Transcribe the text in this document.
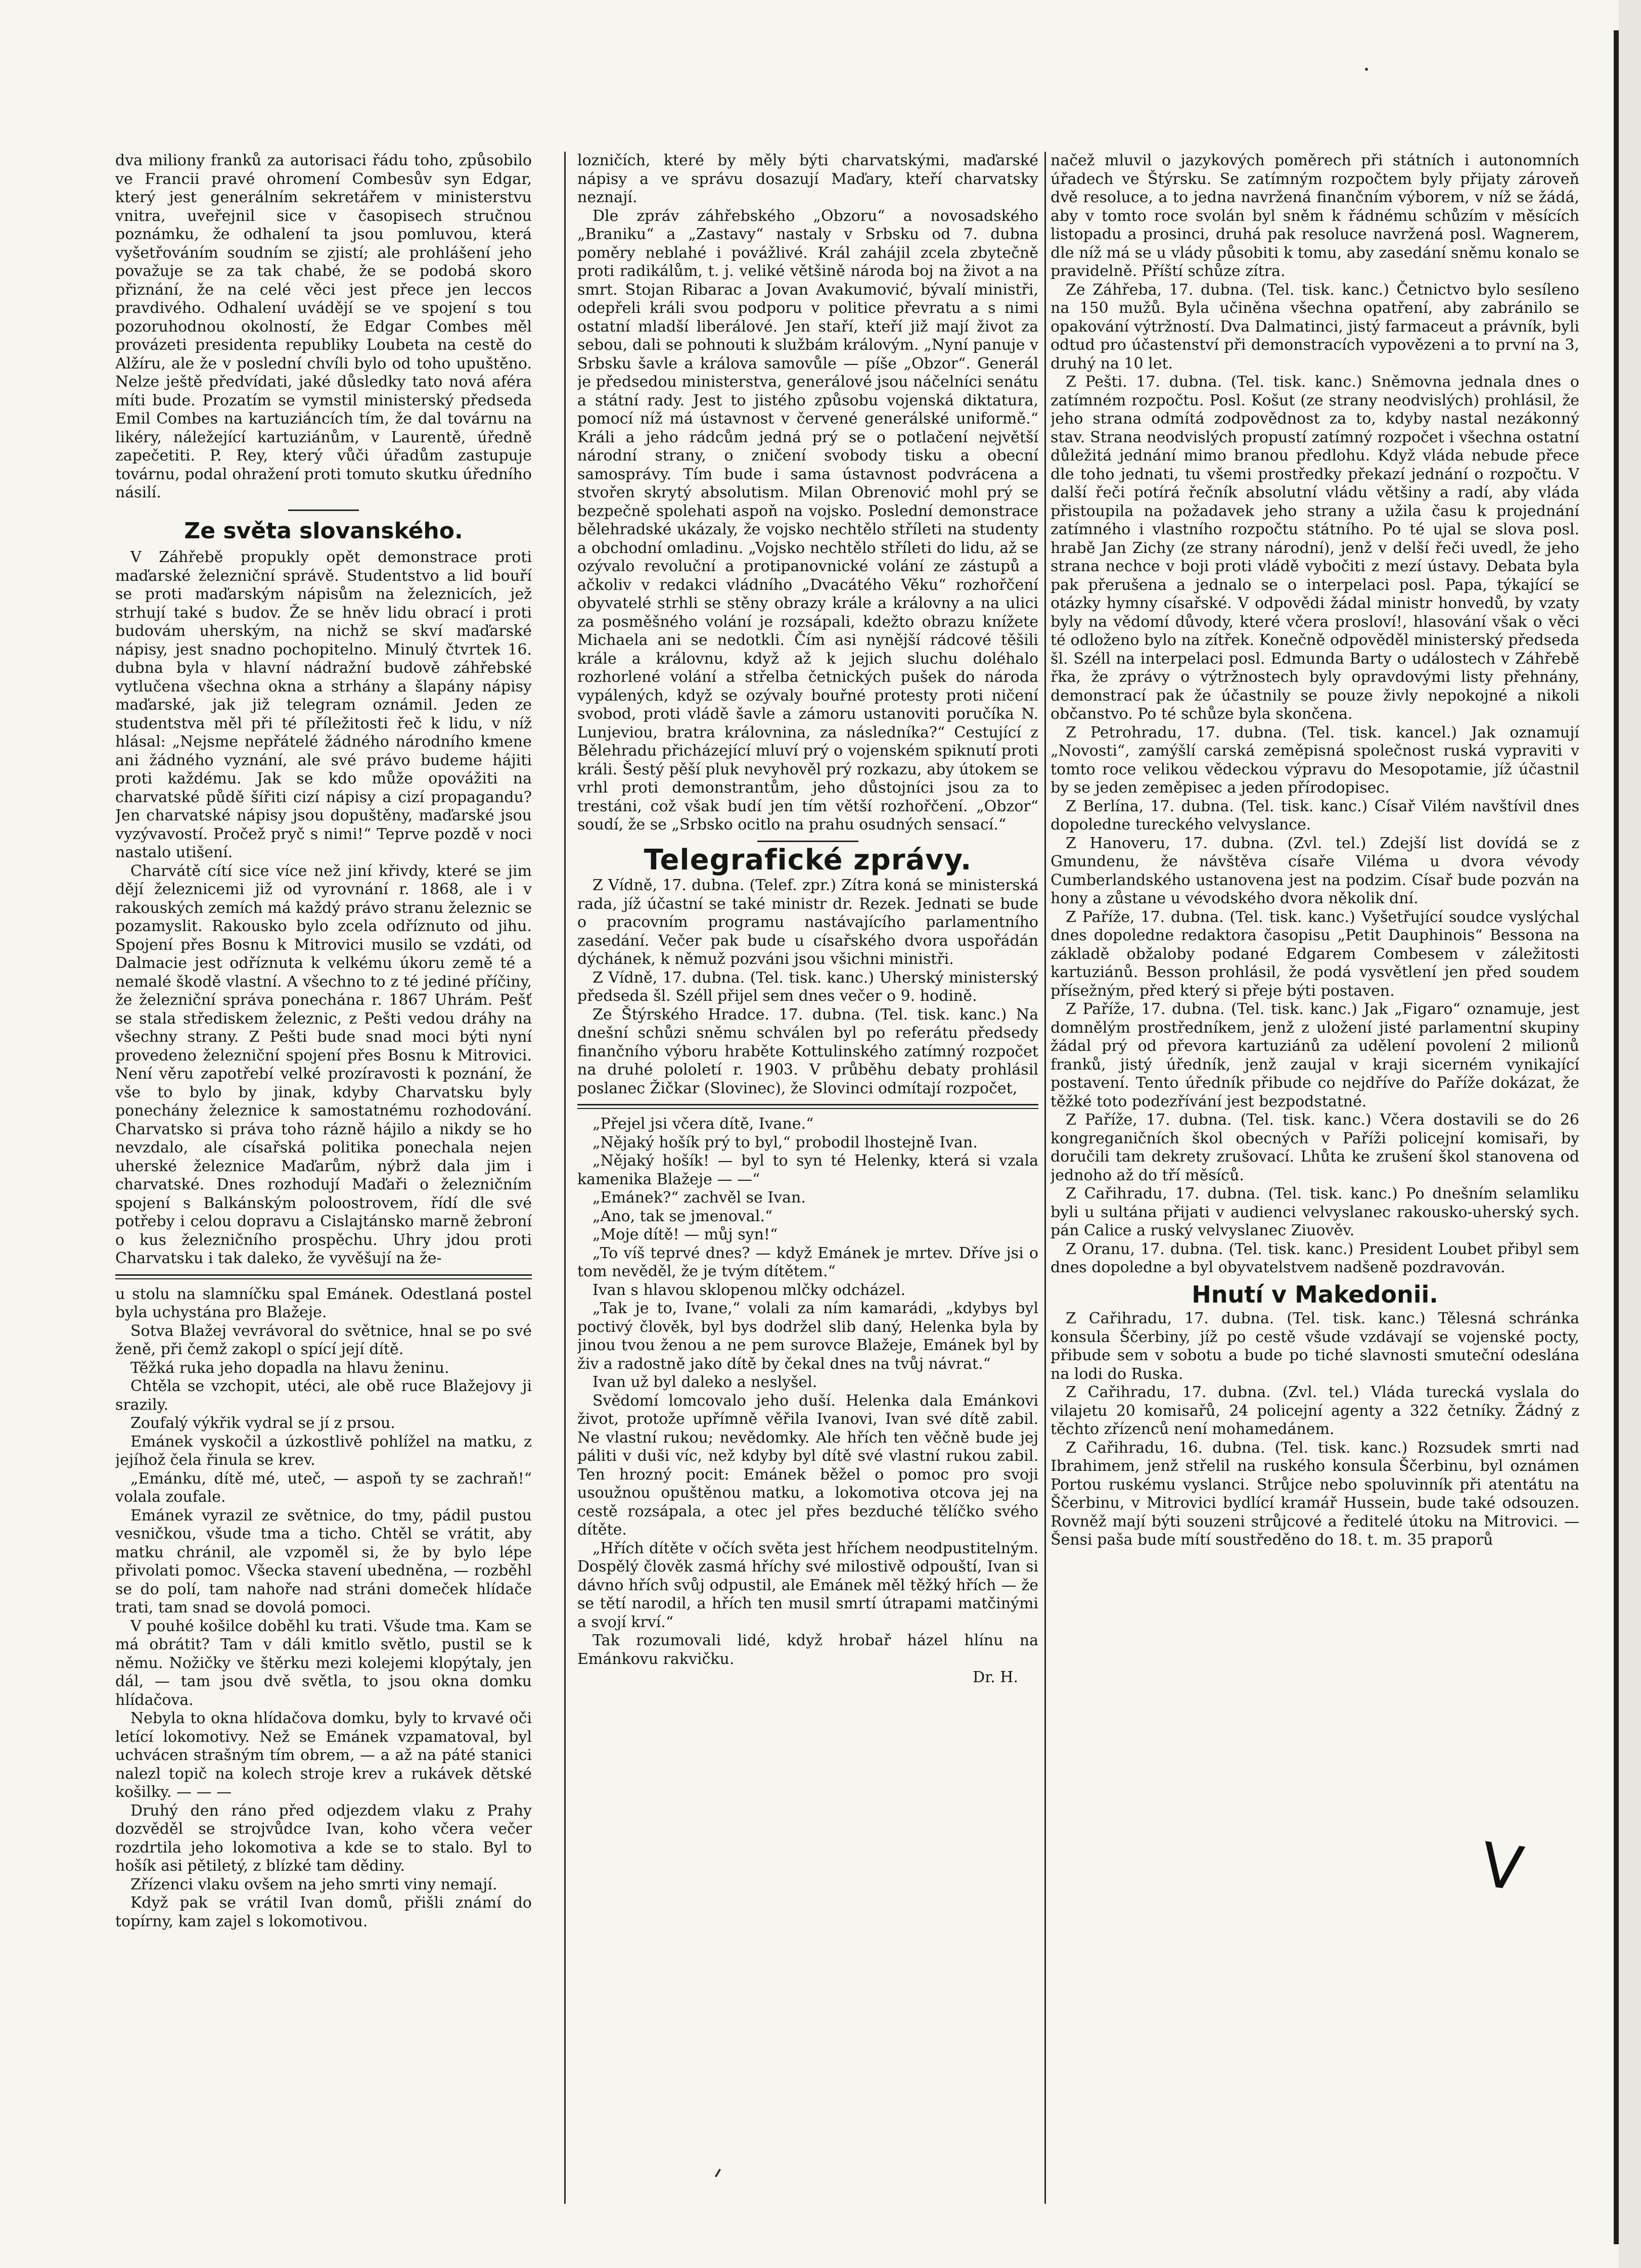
dva miliony franků za autorisaci řádu toho, způsobilo ve Francii pravé ohromení Combesův syn Edgar, který jest generálním sekretářem v ministerstvu vnitra, uveřejnil sice v časopisech stručnou poznámku, že odhalení ta jsou pomluvou, která vyšetřováním soudním se zjistí; ale prohlášení jeho považuje se za tak chabé, že se podobá skoro přiznání, že na celé věci jest přece jen leccos pravdivého. Odhalení uvádějí se ve spojení s tou pozoruhodnou okolností, že Edgar Combes měl provázeti presidenta republiky Loubeta na cestě do Alžíru, ale že v poslední chvíli bylo od toho upuštěno. Nelze ještě předvídati, jaké důsledky tato nová aféra míti bude. Prozatím se vymstil ministerský předseda Emil Combes na kartuziáncích tím, že dal továrnu na likéry, náležející kartuziánům, v Laurentě, úředně zapečetiti. P. Rey, který vůči úřadům zastupuje továrnu, podal ohražení proti tomuto skutku úředního násilí.

Ze světa slovanského.

V Záhřebě propukly opět demonstrace proti maďarské železniční správě. Studentstvo a lid bouří se proti maďarským nápisům na železnicích, jež strhují také s budov. Že se hněv lidu obrací i proti budovám uherským, na nichž se skví maďarské nápisy, jest snadno pochopitelno. Minulý čtvrtek 16. dubna byla v hlavní nádražní budově záhřebské vytlučena všechna okna a strhány a šlapány nápisy maďarské, jak již telegram oznámil. Jeden ze studentstva měl při té příležitosti řeč k lidu, v níž hlásal: „Nejsme nepřátelé žádného národního kmene ani žádného vyznání, ale své právo budeme hájiti proti každému. Jak se kdo může opovážiti na charvatské půdě šířiti cizí nápisy a cizí propagandu? Jen charvatské nápisy jsou dopuštěny, maďarské jsou vyzývavostí. Pročež pryč s nimi!“ Teprve pozdě v noci nastalo utišení.

Charvátě cítí sice více než jiní křivdy, které se jim dějí železnicemi již od vyrovnání r. 1868, ale i v rakouských zemích má každý právo stranu železnic se pozamyslit. Rakousko bylo zcela odříznuto od jihu. Spojení přes Bosnu k Mitrovici musilo se vzdáti, od Dalmacie jest odříznuta k velkému úkoru země té a nemalé škodě vlastní. A všechno to z té jediné příčiny, že železniční správa ponechána r. 1867 Uhrám. Pešť se stala střediskem železnic, z Pešti vedou dráhy na všechny strany. Z Pešti bude snad moci býti nyní provedeno železniční spojení přes Bosnu k Mitrovici. Není věru zapotřebí velké prozíravosti k poznání, že vše to bylo by jinak, kdyby Charvatsku byly ponechány železnice k samostatnému rozhodování. Charvatsko si práva toho rázně hájilo a nikdy se ho nevzdalo, ale císařská politika ponechala nejen uherské železnice Maďarům, nýbrž dala jim i charvatské. Dnes rozhodují Maďaři o železničním spojení s Balkánským poloostrovem, řídí dle své potřeby i celou dopravu a Cislajtánsko marně žebroní o kus železničního prospěchu. Uhry jdou proti Charvatsku i tak daleko, že vyvěšují na že-

u stolu na slamníčku spal Emánek. Odestlaná postel byla uchystána pro Blažeje.

Sotva Blažej vevrávoral do světnice, hnal se po své ženě, při čemž zakopl o spící její dítě.

Těžká ruka jeho dopadla na hlavu ženinu.

Chtěla se vzchopit, utéci, ale obě ruce Blažejovy ji srazily.

Zoufalý výkřik vydral se jí z prsou.

Emánek vyskočil a úzkostlivě pohlížel na matku, z jejíhož čela řinula se krev.

„Emánku, dítě mé, uteč, — aspoň ty se zachraň!“ volala zoufale.

Emánek vyrazil ze světnice, do tmy, pádil pustou vesničkou, všude tma a ticho. Chtěl se vrátit, aby matku chránil, ale vzpoměl si, že by bylo lépe přivolati pomoc. Všecka stavení ubedněna, — rozběhl se do polí, tam nahoře nad stráni domeček hlídače trati, tam snad se dovolá pomoci.

V pouhé košilce doběhl ku trati. Všude tma. Kam se má obrátit? Tam v dáli kmitlo světlo, pustil se k němu. Nožičky ve štěrku mezi kolejemi klopýtaly, jen dál, — tam jsou dvě světla, to jsou okna domku hlídačova.

Nebyla to okna hlídačova domku, byly to krvavé oči letící lokomotivy. Než se Emánek vzpamatoval, byl uchvácen strašným tím obrem, — a až na páté stanici nalezl topič na kolech stroje krev a rukávek dětské košilky. — — —

Druhý den ráno před odjezdem vlaku z Prahy dozvěděl se strojvůdce Ivan, koho včera večer rozdrtila jeho lokomotiva a kde se to stalo. Byl to hošík asi pětiletý, z blízké tam dědiny.

Zřízenci vlaku ovšem na jeho smrti viny nemají.

Když pak se vrátil Ivan domů, přišli známí do topírny, kam zajel s lokomotivou.

lozničích, které by měly býti charvatskými, maďarské nápisy a ve správu dosazují Maďary, kteří charvatsky neznají.

Dle zpráv záhřebského „Obzoru“ a novosadského „Braniku“ a „Zastavy“ nastaly v Srbsku od 7. dubna poměry neblahé i povážlivé. Král zahájil zcela zbytečně proti radikálům, t. j. veliké většině národa boj na život a na smrt. Stojan Ribarac a Jovan Avakumović, bývalí ministři, odepřeli králi svou podporu v politice převratu a s nimi ostatní mladší liberálové. Jen staří, kteří již mají život za sebou, dali se pohnouti k službám královým. „Nyní panuje v Srbsku šavle a králova samovůle — píše „Obzor“. Generál je předsedou ministerstva, generálové jsou náčelníci senátu a státní rady. Jest to jistého způsobu vojenská diktatura, pomocí níž má ústavnost v červené generálské uniformě.“ Králi a jeho rádcům jedná prý se o potlačení největší národní strany, o zničení svobody tisku a obecní samosprávy. Tím bude i sama ústavnost podvrácena a stvořen skrytý absolutism. Milan Obrenović mohl prý se bezpečně spolehati aspoň na vojsko. Poslední demonstrace bělehradské ukázaly, že vojsko nechtělo stříleti na studenty a obchodní omladinu. „Vojsko nechtělo stříleti do lidu, až se ozývalo revoluční a protipanovnické volání ze zástupů a ačkoliv v redakci vládního „Dvacátého Věku“ rozhořčení obyvatelé strhli se stěny obrazy krále a královny a na ulici za posměšného volání je rozsápali, kdežto obrazu knížete Michaela ani se nedotkli. Čím asi nynější rádcové těšili krále a královnu, když až k jejich sluchu doléhalo rozhorlené volání a střelba četnických pušek do národa vypálených, když se ozývaly bouřné protesty proti ničení svobod, proti vládě šavle a zámoru ustanoviti poručíka N. Lunjeviou, bratra královnina, za následníka?“ Cestující z Bělehradu přicházející mluví prý o vojenském spiknutí proti králi. Šestý pěší pluk nevyhověl prý rozkazu, aby útokem se vrhl proti demonstrantům, jeho důstojníci jsou za to trestáni, což však budí jen tím větší rozhořčení. „Obzor“ soudí, že se „Srbsko ocitlo na prahu osudných sensací.“

Telegrafické zprávy.

Z Vídně, 17. dubna. (Telef. zpr.) Zítra koná se ministerská rada, jíž účastní se také ministr dr. Rezek. Jednati se bude o pracovním programu nastávajícího parlamentního zasedání. Večer pak bude u císařského dvora uspořádán dýchánek, k němuž pozváni jsou všichni ministři.

Z Vídně, 17. dubna. (Tel. tisk. kanc.) Uherský ministerský předseda šl. Széll přijel sem dnes večer o 9. hodině.

Ze Štýrského Hradce. 17. dubna. (Tel. tisk. kanc.) Na dnešní schůzi sněmu schválen byl po referátu předsedy finančního výboru hraběte Kottulinského zatímný rozpočet na druhé pololetí r. 1903. V průběhu debaty prohlásil poslanec Žičkar (Slovinec), že Slovinci odmítají rozpočet,

„Přejel jsi včera dítě, Ivane.“

„Nějaký hošík prý to byl,“ probodil lhostejně Ivan.

„Nějaký hošík! — byl to syn té Helenky, která si vzala kamenika Blažeje — —“

„Emánek?“ zachvěl se Ivan.

„Ano, tak se jmenoval.“

„Moje dítě! — můj syn!“

„To víš teprvé dnes? — když Emánek je mrtev. Dříve jsi o tom nevěděl, že je tvým dítětem.“

Ivan s hlavou sklopenou mlčky odcházel.

„Tak je to, Ivane,“ volali za ním kamarádi, „kdybys byl poctivý člověk, byl bys dodržel slib daný, Helenka byla by jinou tvou ženou a ne pem surovce Blažeje, Emánek byl by živ a radostně jako dítě by čekal dnes na tvůj návrat.“

Ivan už byl daleko a neslyšel.

Svědomí lomcovalo jeho duší. Helenka dala Emánkovi život, protože upřímně věřila Ivanovi, Ivan své dítě zabil. Ne vlastní rukou; nevědomky. Ale hřích ten věčně bude jej páliti v duši víc, než kdyby byl dítě své vlastní rukou zabil. Ten hrozný pocit: Emánek běžel o pomoc pro svoji usoužnou opuštěnou matku, a lokomotiva otcova jej na cestě rozsápala, a otec jel přes bezduché tělíčko svého dítěte.

„Hřích dítěte v očích světa jest hříchem neodpustitelným. Dospělý člověk zasmá hříchy své milostivě odpouští, Ivan si dávno hřích svůj odpustil, ale Emánek měl těžký hřích — že se tětí narodil, a hřích ten musil smrtí útrapami matčinými a svojí krví.“

Tak rozumovali lidé, když hrobař házel hlínu na Emánkovu rakvičku.

Dr. H.

načež mluvil o jazykových poměrech při státních i autonomních úřadech ve Štýrsku. Se zatímným rozpočtem byly přijaty zároveň dvě resoluce, a to jedna navržená finančním výborem, v níž se žádá, aby v tomto roce svolán byl sněm k řádnému schůzím v měsících listopadu a prosinci, druhá pak resoluce navržená posl. Wagnerem, dle níž má se u vlády působiti k tomu, aby zasedání sněmu konalo se pravidelně. Příští schůze zítra.

Ze Záhřeba, 17. dubna. (Tel. tisk. kanc.) Četnictvo bylo sesíleno na 150 mužů. Byla učiněna všechna opatření, aby zabránilo se opakování výtržností. Dva Dalmatinci, jistý farmaceut a právník, byli odtud pro účastenství při demonstracích vypovězeni a to první na 3, druhý na 10 let.

Z Pešti. 17. dubna. (Tel. tisk. kanc.) Sněmovna jednala dnes o zatímném rozpočtu. Posl. Košut (ze strany neodvislých) prohlásil, že jeho strana odmítá zodpovědnost za to, kdyby nastal nezákonný stav. Strana neodvislých propustí zatímný rozpočet i všechna ostatní důležitá jednání mimo branou předlohu. Když vláda nebude přece dle toho jednati, tu všemi prostředky překazí jednání o rozpočtu. V další řeči potírá řečník absolutní vládu většiny a radí, aby vláda přistoupila na požadavek jeho strany a užila času k projednání zatímného i vlastního rozpočtu státního. Po té ujal se slova posl. hrabě Jan Zichy (ze strany národní), jenž v delší řeči uvedl, že jeho strana nechce v boji proti vládě vybočiti z mezí ústavy. Debata byla pak přerušena a jednalo se o interpelaci posl. Papa, týkající se otázky hymny císařské. V odpovědi žádal ministr honvedů, by vzaty byly na vědomí důvody, které včera prosloví!, hlasování však o věci té odloženo bylo na zítřek. Konečně odpověděl ministerský předseda šl. Széll na interpelaci posl. Edmunda Barty o událostech v Záhřebě řka, že zprávy o výtržnostech byly opravdovými listy přehnány, demonstrací pak že účastnily se pouze živly nepokojné a nikoli občanstvo. Po té schůze byla skončena.

Z Petrohradu, 17. dubna. (Tel. tisk. kancel.) Jak oznamují „Novosti“, zamýšlí carská zeměpisná společnost ruská vypraviti v tomto roce velikou vědeckou výpravu do Mesopotamie, jíž účastnil by se jeden zeměpisec a jeden přírodopisec.

Z Berlína, 17. dubna. (Tel. tisk. kanc.) Císař Vilém navštívil dnes dopoledne tureckého velvyslance.

Z Hanoveru, 17. dubna. (Zvl. tel.) Zdejší list dovídá se z Gmundenu, že návštěva císaře Viléma u dvora vévody Cumberlandského ustanovena jest na podzim. Císař bude pozván na hony a zůstane u vévodského dvora několik dní.

Z Paříže, 17. dubna. (Tel. tisk. kanc.) Vyšetřující soudce vyslýchal dnes dopoledne redaktora časopisu „Petit Dauphinois“ Bessona na základě obžaloby podané Edgarem Combesem v záležitosti kartuziánů. Besson prohlásil, že podá vysvětlení jen před soudem přísežným, před který si přeje býti postaven.

Z Paříže, 17. dubna. (Tel. tisk. kanc.) Jak „Figaro“ oznamuje, jest domnělým prostředníkem, jenž z uložení jisté parlamentní skupiny žádal prý od převora kartuziánů za udělení povolení 2 milionů franků, jistý úředník, jenž zaujal v kraji sicerném vynikající postavení. Tento úředník přibude co nejdříve do Paříže dokázat, že těžké toto podezřívání jest bezpodstatné.

Z Paříže, 17. dubna. (Tel. tisk. kanc.) Včera dostavili se do 26 kongreganičních škol obecných v Paříži policejní komisaři, by doručili tam dekrety zrušovací. Lhůta ke zrušení škol stanovena od jednoho až do tří měsíců.

Z Cařihradu, 17. dubna. (Tel. tisk. kanc.) Po dnešním selamliku byli u sultána přijati v audienci velvyslanec rakousko-uherský sych. pán Calice a ruský velvyslanec Ziuověv.

Z Oranu, 17. dubna. (Tel. tisk. kanc.) President Loubet přibyl sem dnes dopoledne a byl obyvatelstvem nadšeně pozdravován.

Hnutí v Makedonii.

Z Cařihradu, 17. dubna. (Tel. tisk. kanc.) Tělesná schránka konsula Ščerbiny, jíž po cestě všude vzdávají se vojenské pocty, přibude sem v sobotu a bude po tiché slavnosti smuteční odeslána na lodi do Ruska.

Z Cařihradu, 17. dubna. (Zvl. tel.) Vláda turecká vyslala do vilajetu 20 komisařů, 24 policejní agenty a 322 četníky. Žádný z těchto zřízenců není mohamedánem.

Z Cařihradu, 16. dubna. (Tel. tisk. kanc.) Rozsudek smrti nad Ibrahimem, jenž střelil na ruského konsula Ščerbinu, byl oznámen Portou ruskému vyslanci. Strůjce nebo spoluvinník při atentátu na Ščerbinu, v Mitrovici bydlící kramář Hussein, bude také odsouzen. Rovněž mají býti souzeni strůjcové a ředitelé útoku na Mitrovici. — Šensi paša bude mítí soustředěno do 18. t. m. 35 praporů

V
